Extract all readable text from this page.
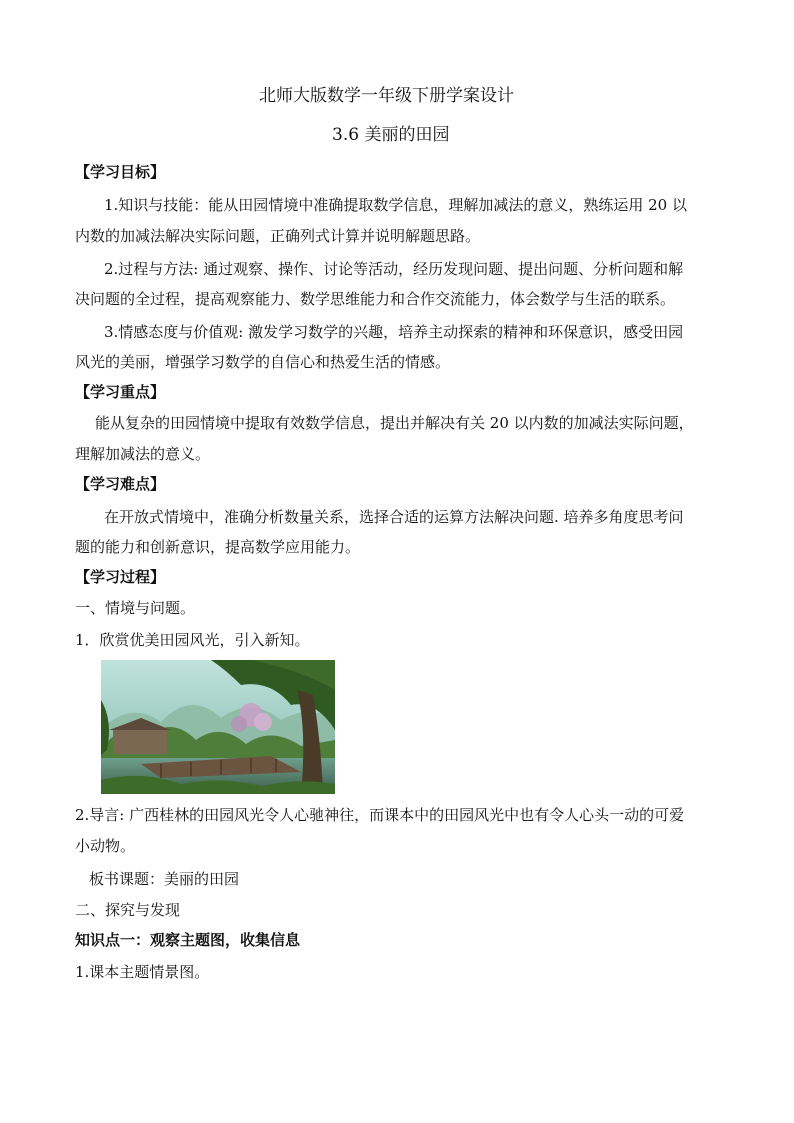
北师大版数学一年级下册学案设计
3.6 美丽的田园
【学习目标】
1.知识与技能：能从田园情境中准确提取数学信息，理解加减法的意义，熟练运用 20 以
内数的加减法解决实际问题，正确列式计算并说明解题思路。
2.过程与方法: 通过观察、操作、讨论等活动，经历发现问题、提出问题、分析问题和解
决问题的全过程，提高观察能力、数学思维能力和合作交流能力，体会数学与生活的联系。
3.情感态度与价值观: 激发学习数学的兴趣，培养主动探索的精神和环保意识，感受田园
风光的美丽，增强学习数学的自信心和热爱生活的情感。
【学习重点】
能从复杂的田园情境中提取有效数学信息，提出并解决有关 20 以内数的加减法实际问题，
理解加减法的意义。
【学习难点】
在开放式情境中，准确分析数量关系，选择合适的运算方法解决问题. 培养多角度思考问
题的能力和创新意识，提高数学应用能力。
【学习过程】
一、情境与问题。
1．欣赏优美田园风光，引入新知。
2.导言: 广西桂林的田园风光令人心驰神往，而课本中的田园风光中也有令人心头一动的可爱
小动物。
板书课题：美丽的田园
二、探究与发现
知识点一：观察主题图，收集信息
1.课本主题情景图。
